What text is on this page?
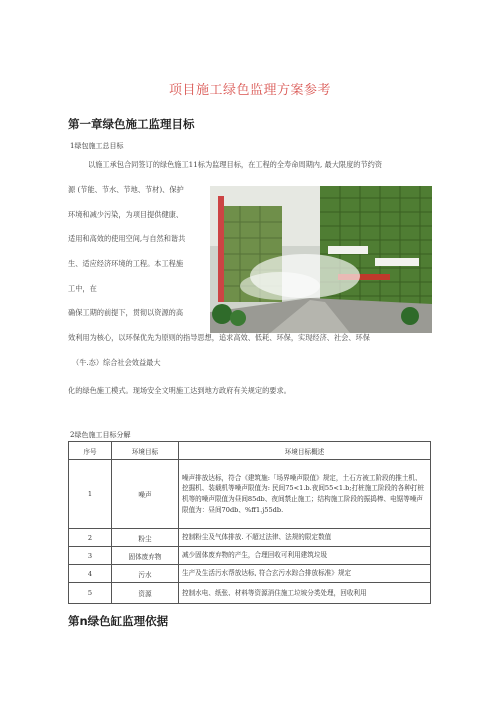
项目施工绿色监理方案参考
第一章绿色施工监理目标
1绿包施工总目标
以施工承包合同签订的绿色施工11标为监理目标，在工程的全寿命周期内, 最大限度的节约资
源 (节能、节水、节地、节材)、保护
环境和减少污染，为项目提供健康、
适用和高效的使用空间,与自然和谐共
生、适应经济环境的工程。本工程施
工中，在
确保工期的前提下，贯彻以资源的高
效利用为核心，以环保优先为原则的指导思想，追求高效、低耗、环保，实现经济、社会、环保
（牛.态）综合社会效益最大
化的绿色施工模式。现场安全文明施工达到地方政府有关规定的要求。
2绿色施工目标分解
序号	环境目标	环境目标概述
1	噪声	噪声排放达标，符合《建筑施:「场界噪声限值》规定，土石方被工阶段的推土机、挖掘机、装载机等噪声限值为: 民间75<1.b.夜间55<1.b;打桩施工阶段的各种打桩机等的噪声限值为昼间85db、夜间禁止施工；结构施工阶段的振捣棒、电锯等噪声限值为：昼间70db、%ff1.j55db.
2	粉尘	控制粉尘及气体排放. 不超过法律、法规的限定数值
3	固体废弃物	减少固体废弃物的产生，合理回收可利用建筑垃圾
4	污水	生产及生活污水帮放达标, 符合玄污水踪合排放标准》规定
5	资源	控制水电、纸张、材料等资源消住施工垃坡分类处理，回收利用
第n绿色缸监理依据
